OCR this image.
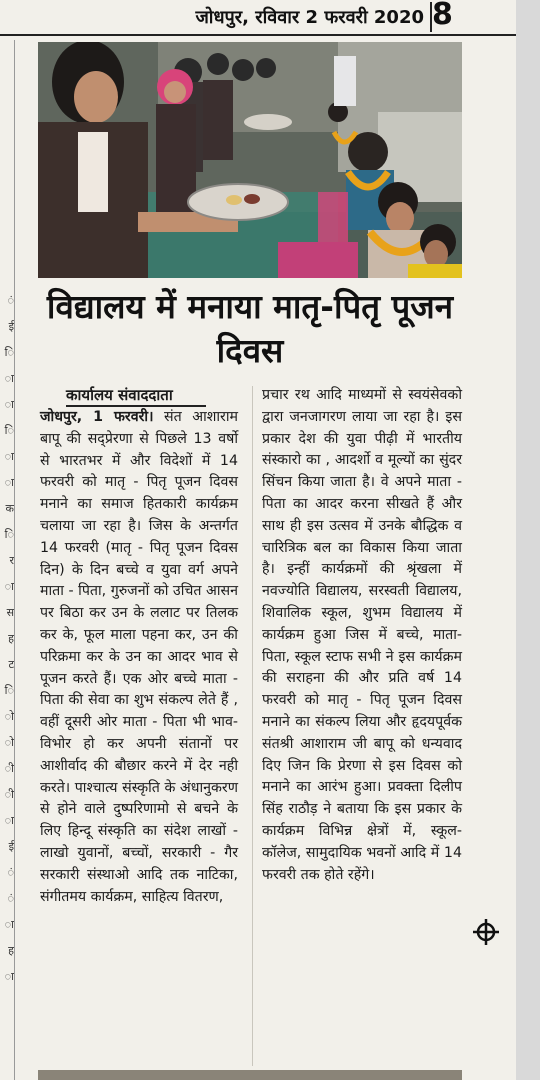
जोधपुर, रविवार 2 फरवरी 2020 8
ं
ई
ि
ा
ा
ि
ा
ा
क
ि
र
ा
स
ह
ट
ि
ो
ो
ी
ी
ा
ई
ं
ं
ा
ह
ा
विद्यालय में मनाया मातृ-पितृ पूजन दिवस
कार्यालय संवाददाता
जोधपुर, 1 फरवरी। संत आशाराम बापू की सद्‌प्रेरणा से पिछले 13 वर्षो से भारतभर में और विदेशों में 14 फरवरी को मातृ - पितृ पूजन दिवस मनाने का समाज हितकारी कार्यक्रम चलाया जा रहा है। जिस के अन्तर्गत 14 फरवरी (मातृ - पितृ पूजन दिवस दिन) के दिन बच्चे व युवा वर्ग अपने माता - पिता, गुरुजनों को उचित आसन पर बिठा कर उन के ललाट पर तिलक कर के, फूल माला पहना कर, उन की परिक्रमा कर के उन का आदर भाव से पूजन करते हैं। एक ओर बच्चे माता - पिता की सेवा का शुभ संकल्प लेते हैं , वहीं दूसरी ओर माता - पिता भी भाव-विभोर हो कर अपनी संतानों पर आशीर्वाद की बौछार करने में देर नही करते। पाश्चात्य संस्कृति के अंधानुकरण से होने वाले दुष्परिणामो से बचने के लिए हिन्दू संस्कृति का संदेश लाखों - लाखो युवानों, बच्चों, सरकारी - गैर सरकारी संस्थाओ आदि तक नाटिका, संगीतमय कार्यक्रम, साहित्य वितरण,
प्रचार रथ आदि माध्यमों से स्वयंसेवको द्वारा जनजागरण लाया जा रहा है। इस प्रकार देश की युवा पीढ़ी में भारतीय संस्कारो का , आदर्शो व मूल्यों का सुंदर सिंचन किया जाता है। वे अपने माता - पिता का आदर करना सीखते हैं और साथ ही इस उत्सव में उनके बौद्धिक व चारित्रिक बल का विकास किया जाता है। इन्हीं कार्यक्रमों की श्रृंखला में नवज्योति विद्यालय, सरस्वती विद्यालय, शिवालिक स्कूल, शुभम विद्यालय में कार्यक्रम हुआ जिस में बच्चे, माता-पिता, स्कूल स्टाफ सभी ने इस कार्यक्रम की सराहना की और प्रति वर्ष 14 फरवरी को मातृ - पितृ पूजन दिवस मनाने का संकल्प लिया और हृदयपूर्वक संतश्री आशाराम जी बापू को धन्यवाद दिए जिन कि प्रेरणा से इस दिवस को मनाने का आरंभ हुआ। प्रवक्ता दिलीप सिंह राठौड़ ने बताया कि इस प्रकार के कार्यक्रम विभिन्न क्षेत्रों में, स्कूल- कॉलेज, सामुदायिक भवनों आदि में 14 फरवरी तक होते रहेंगे।
